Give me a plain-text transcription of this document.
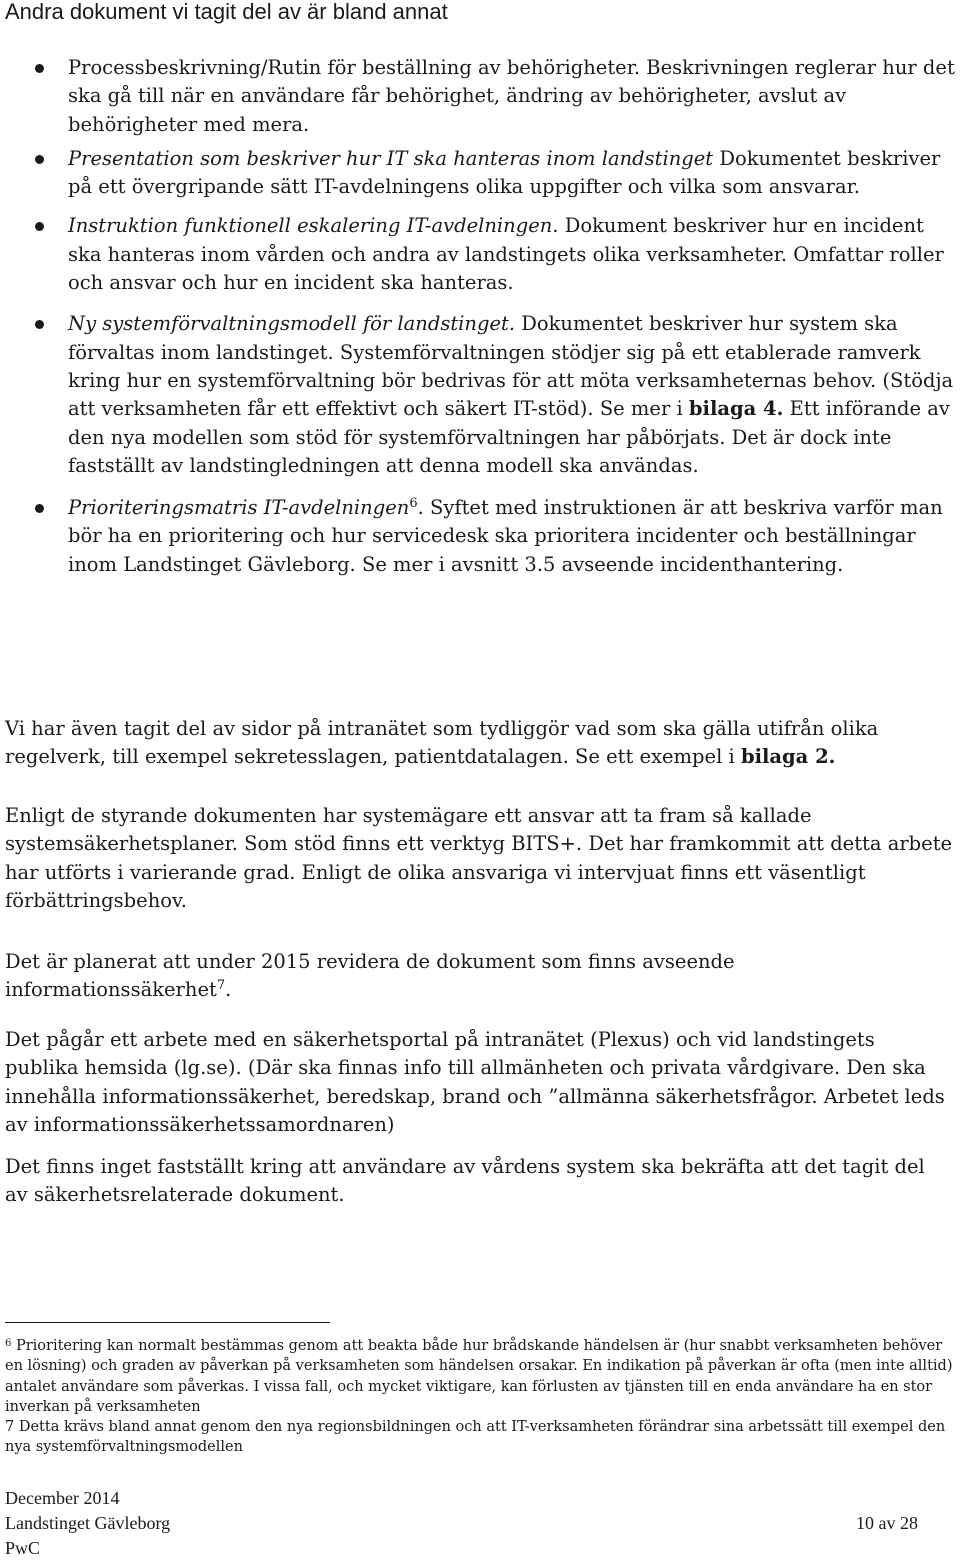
Andra dokument vi tagit del av är bland annat
Processbeskrivning/Rutin för beställning av behörigheter. Beskrivningen reglerar hur det ska gå till när en användare får behörighet, ändring av behörigheter, avslut av behörigheter med mera.
Presentation som beskriver hur IT ska hanteras inom landstinget Dokumentet beskriver på ett övergripande sätt IT-avdelningens olika uppgifter och vilka som ansvarar.
Instruktion funktionell eskalering IT-avdelningen. Dokument beskriver hur en incident ska hanteras inom vården och andra av landstingets olika verksamheter. Omfattar roller och ansvar och hur en incident ska hanteras.
Ny systemförvaltningsmodell för landstinget. Dokumentet beskriver hur system ska förvaltas inom landstinget. Systemförvaltningen stödjer sig på ett etablerade ramverk kring hur en systemförvaltning bör bedrivas för att möta verksamheternas behov. (Stödja att verksamheten får ett effektivt och säkert IT-stöd). Se mer i bilaga 4. Ett införande av den nya modellen som stöd för systemförvaltningen har påbörjats. Det är dock inte fastställt av landstingledningen att denna modell ska användas.
Prioriteringsmatris IT-avdelningen$^6$. Syftet med instruktionen är att beskriva varför man bör ha en prioritering och hur servicedesk ska prioritera incidenter och beställningar inom Landstinget Gävleborg. Se mer i avsnitt 3.5 avseende incidenthantering.

Vi har även tagit del av sidor på intranätet som tydliggör vad som ska gälla utifrån olika regelverk, till exempel sekretesslagen, patientdatalagen. Se ett exempel i bilaga 2.

Enligt de styrande dokumenten har systemägare ett ansvar att ta fram så kallade systemsäkerhetsplaner. Som stöd finns ett verktyg BITS+. Det har framkommit att detta arbete har utförts i varierande grad. Enligt de olika ansvariga vi intervjuat finns ett väsentligt förbättringsbehov.

Det är planerat att under 2015 revidera de dokument som finns avseende informationssäkerhet$^7$.

Det pågår ett arbete med en säkerhetsportal på intranätet (Plexus) och vid landstingets publika hemsida (lg.se). (Där ska finnas info till allmänheten och privata vårdgivare. Den ska innehålla informationssäkerhet, beredskap, brand och ”allmänna säkerhetsfrågor. Arbetet leds av informationssäkerhetssamordnaren)

Det finns inget fastställt kring att användare av vårdens system ska bekräfta att det tagit del av säkerhetsrelaterade dokument.

$^6$ Prioritering kan normalt bestämmas genom att beakta både hur brådskande händelsen är (hur snabbt verksamheten behöver en lösning) och graden av påverkan på verksamheten som händelsen orsakar. En indikation på påverkan är ofta (men inte alltid) antalet användare som påverkas. I vissa fall, och mycket viktigare, kan förlusten av tjänsten till en enda användare ha en stor inverkan på verksamheten

7 Detta krävs bland annat genom den nya regionsbildningen och att IT-verksamheten förändrar sina arbetssätt till exempel den nya systemförvaltningsmodellen

December 2014
Landstinget Gävleborg
PwC
10 av 28
